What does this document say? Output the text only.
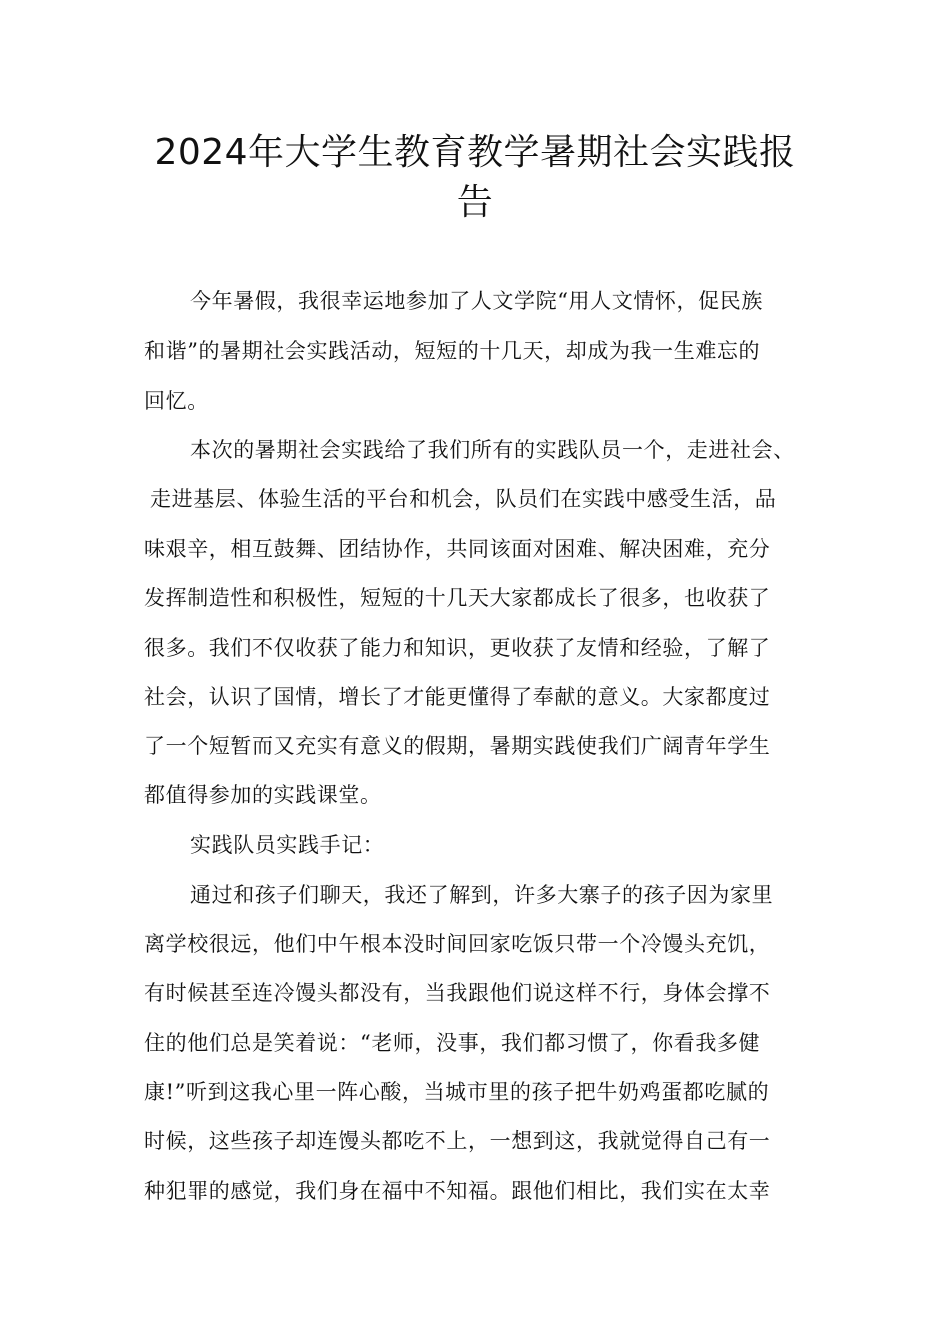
2024年大学生教育教学暑期社会实践报
告

今年暑假，我很幸运地参加了人文学院“用人文情怀，促民族

和谐”的暑期社会实践活动，短短的十几天，却成为我一生难忘的

回忆。

本次的暑期社会实践给了我们所有的实践队员一个，走进社会、

走进基层、体验生活的平台和机会，队员们在实践中感受生活，品

味艰辛，相互鼓舞、团结协作，共同该面对困难、解决困难，充分

发挥制造性和积极性，短短的十几天大家都成长了很多，也收获了

很多。我们不仅收获了能力和知识，更收获了友情和经验，了解了

社会，认识了国情，增长了才能更懂得了奉献的意义。大家都度过

了一个短暂而又充实有意义的假期，暑期实践使我们广阔青年学生

都值得参加的实践课堂。

实践队员实践手记：

通过和孩子们聊天，我还了解到，许多大寨子的孩子因为家里

离学校很远，他们中午根本没时间回家吃饭只带一个冷馒头充饥，

有时候甚至连冷馒头都没有，当我跟他们说这样不行，身体会撑不

住的他们总是笑着说：“老师，没事，我们都习惯了，你看我多健

康!”听到这我心里一阵心酸，当城市里的孩子把牛奶鸡蛋都吃腻的

时候，这些孩子却连馒头都吃不上，一想到这，我就觉得自己有一

种犯罪的感觉，我们身在福中不知福。跟他们相比，我们实在太幸
